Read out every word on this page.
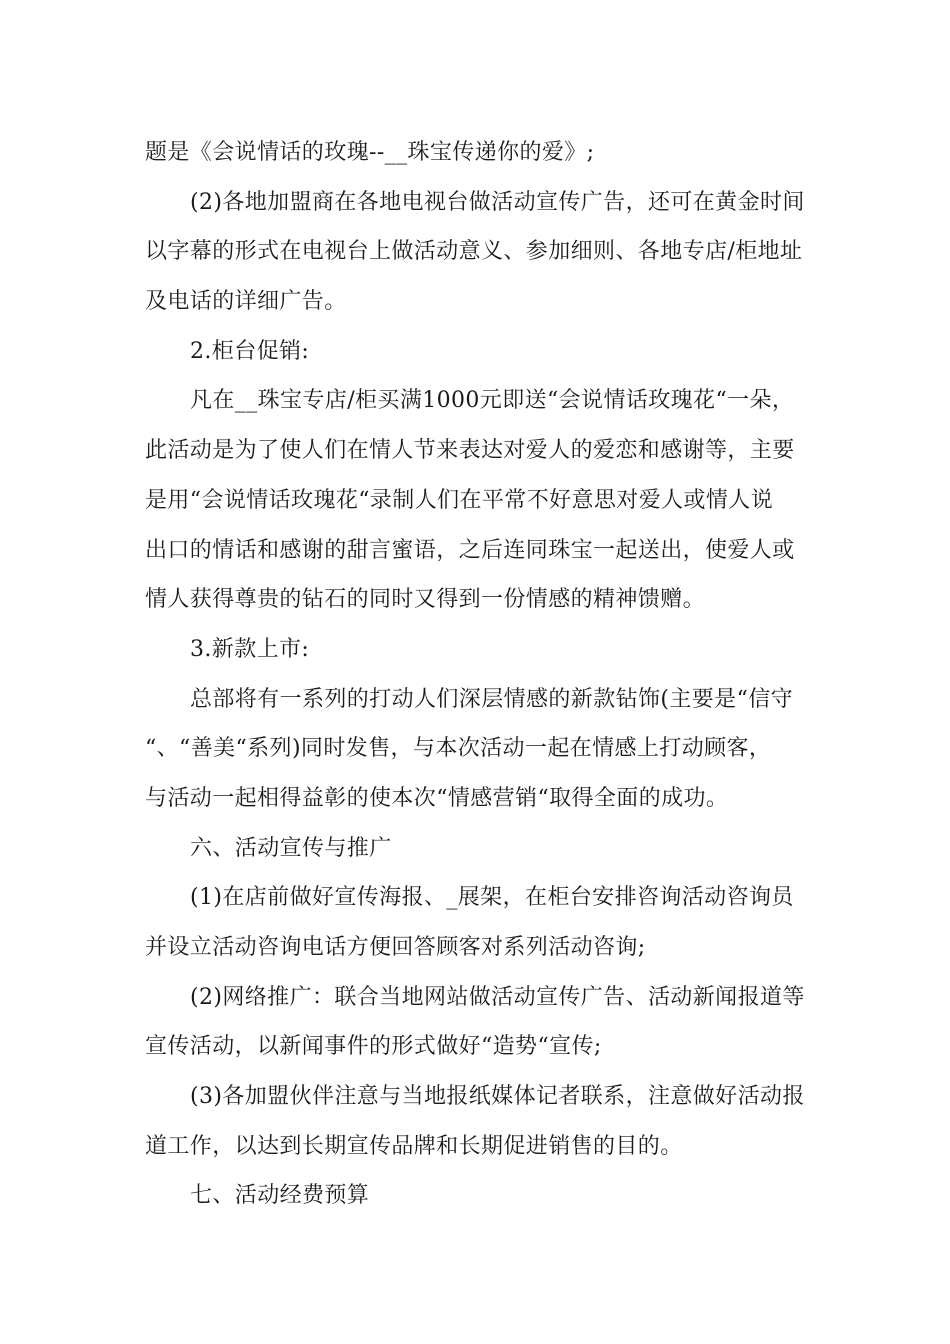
题是《会说情话的玫瑰--__珠宝传递你的爱》;
(2)各地加盟商在各地电视台做活动宣传广告，还可在黄金时间
以字幕的形式在电视台上做活动意义、参加细则、各地专店/柜地址
及电话的详细广告。
2.柜台促销:
凡在__珠宝专店/柜买满1000元即送“会说情话玫瑰花“一朵，
此活动是为了使人们在情人节来表达对爱人的爱恋和感谢等，主要
是用“会说情话玫瑰花“录制人们在平常不好意思对爱人或情人说
出口的情话和感谢的甜言蜜语，之后连同珠宝一起送出，使爱人或
情人获得尊贵的钻石的同时又得到一份情感的精神馈赠。
3.新款上市:
总部将有一系列的打动人们深层情感的新款钻饰(主要是“信守
“、“善美“系列)同时发售，与本次活动一起在情感上打动顾客，
与活动一起相得益彰的使本次“情感营销“取得全面的成功。
六、活动宣传与推广
(1)在店前做好宣传海报、_展架，在柜台安排咨询活动咨询员
并设立活动咨询电话方便回答顾客对系列活动咨询;
(2)网络推广：联合当地网站做活动宣传广告、活动新闻报道等
宣传活动，以新闻事件的形式做好“造势“宣传;
(3)各加盟伙伴注意与当地报纸媒体记者联系，注意做好活动报
道工作，以达到长期宣传品牌和长期促进销售的目的。
七、活动经费预算
